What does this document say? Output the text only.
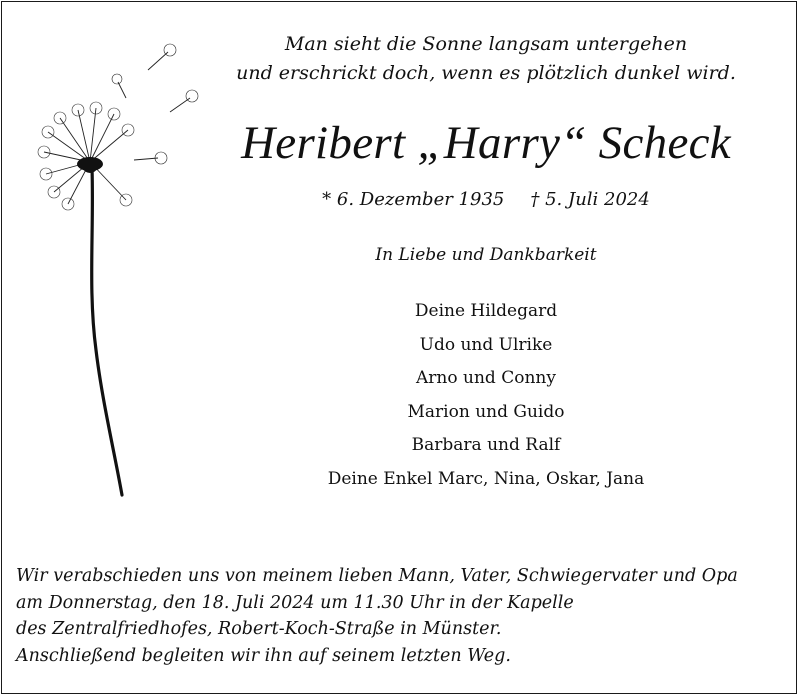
Man sieht die Sonne langsam untergehen
und erschrickt doch, wenn es plötzlich dunkel wird.
Heribert „Harry“ Scheck
* 6. Dezember 1935 † 5. Juli 2024
In Liebe und Dankbarkeit
Deine Hildegard
Udo und Ulrike
Arno und Conny
Marion und Guido
Barbara und Ralf
Deine Enkel Marc, Nina, Oskar, Jana
Wir verabschieden uns von meinem lieben Mann, Vater, Schwiegervater und Opa
am Donnerstag, den 18. Juli 2024 um 11.30 Uhr in der Kapelle
des Zentralfriedhofes, Robert-Koch-Straße in Münster.
Anschließend begleiten wir ihn auf seinem letzten Weg.
